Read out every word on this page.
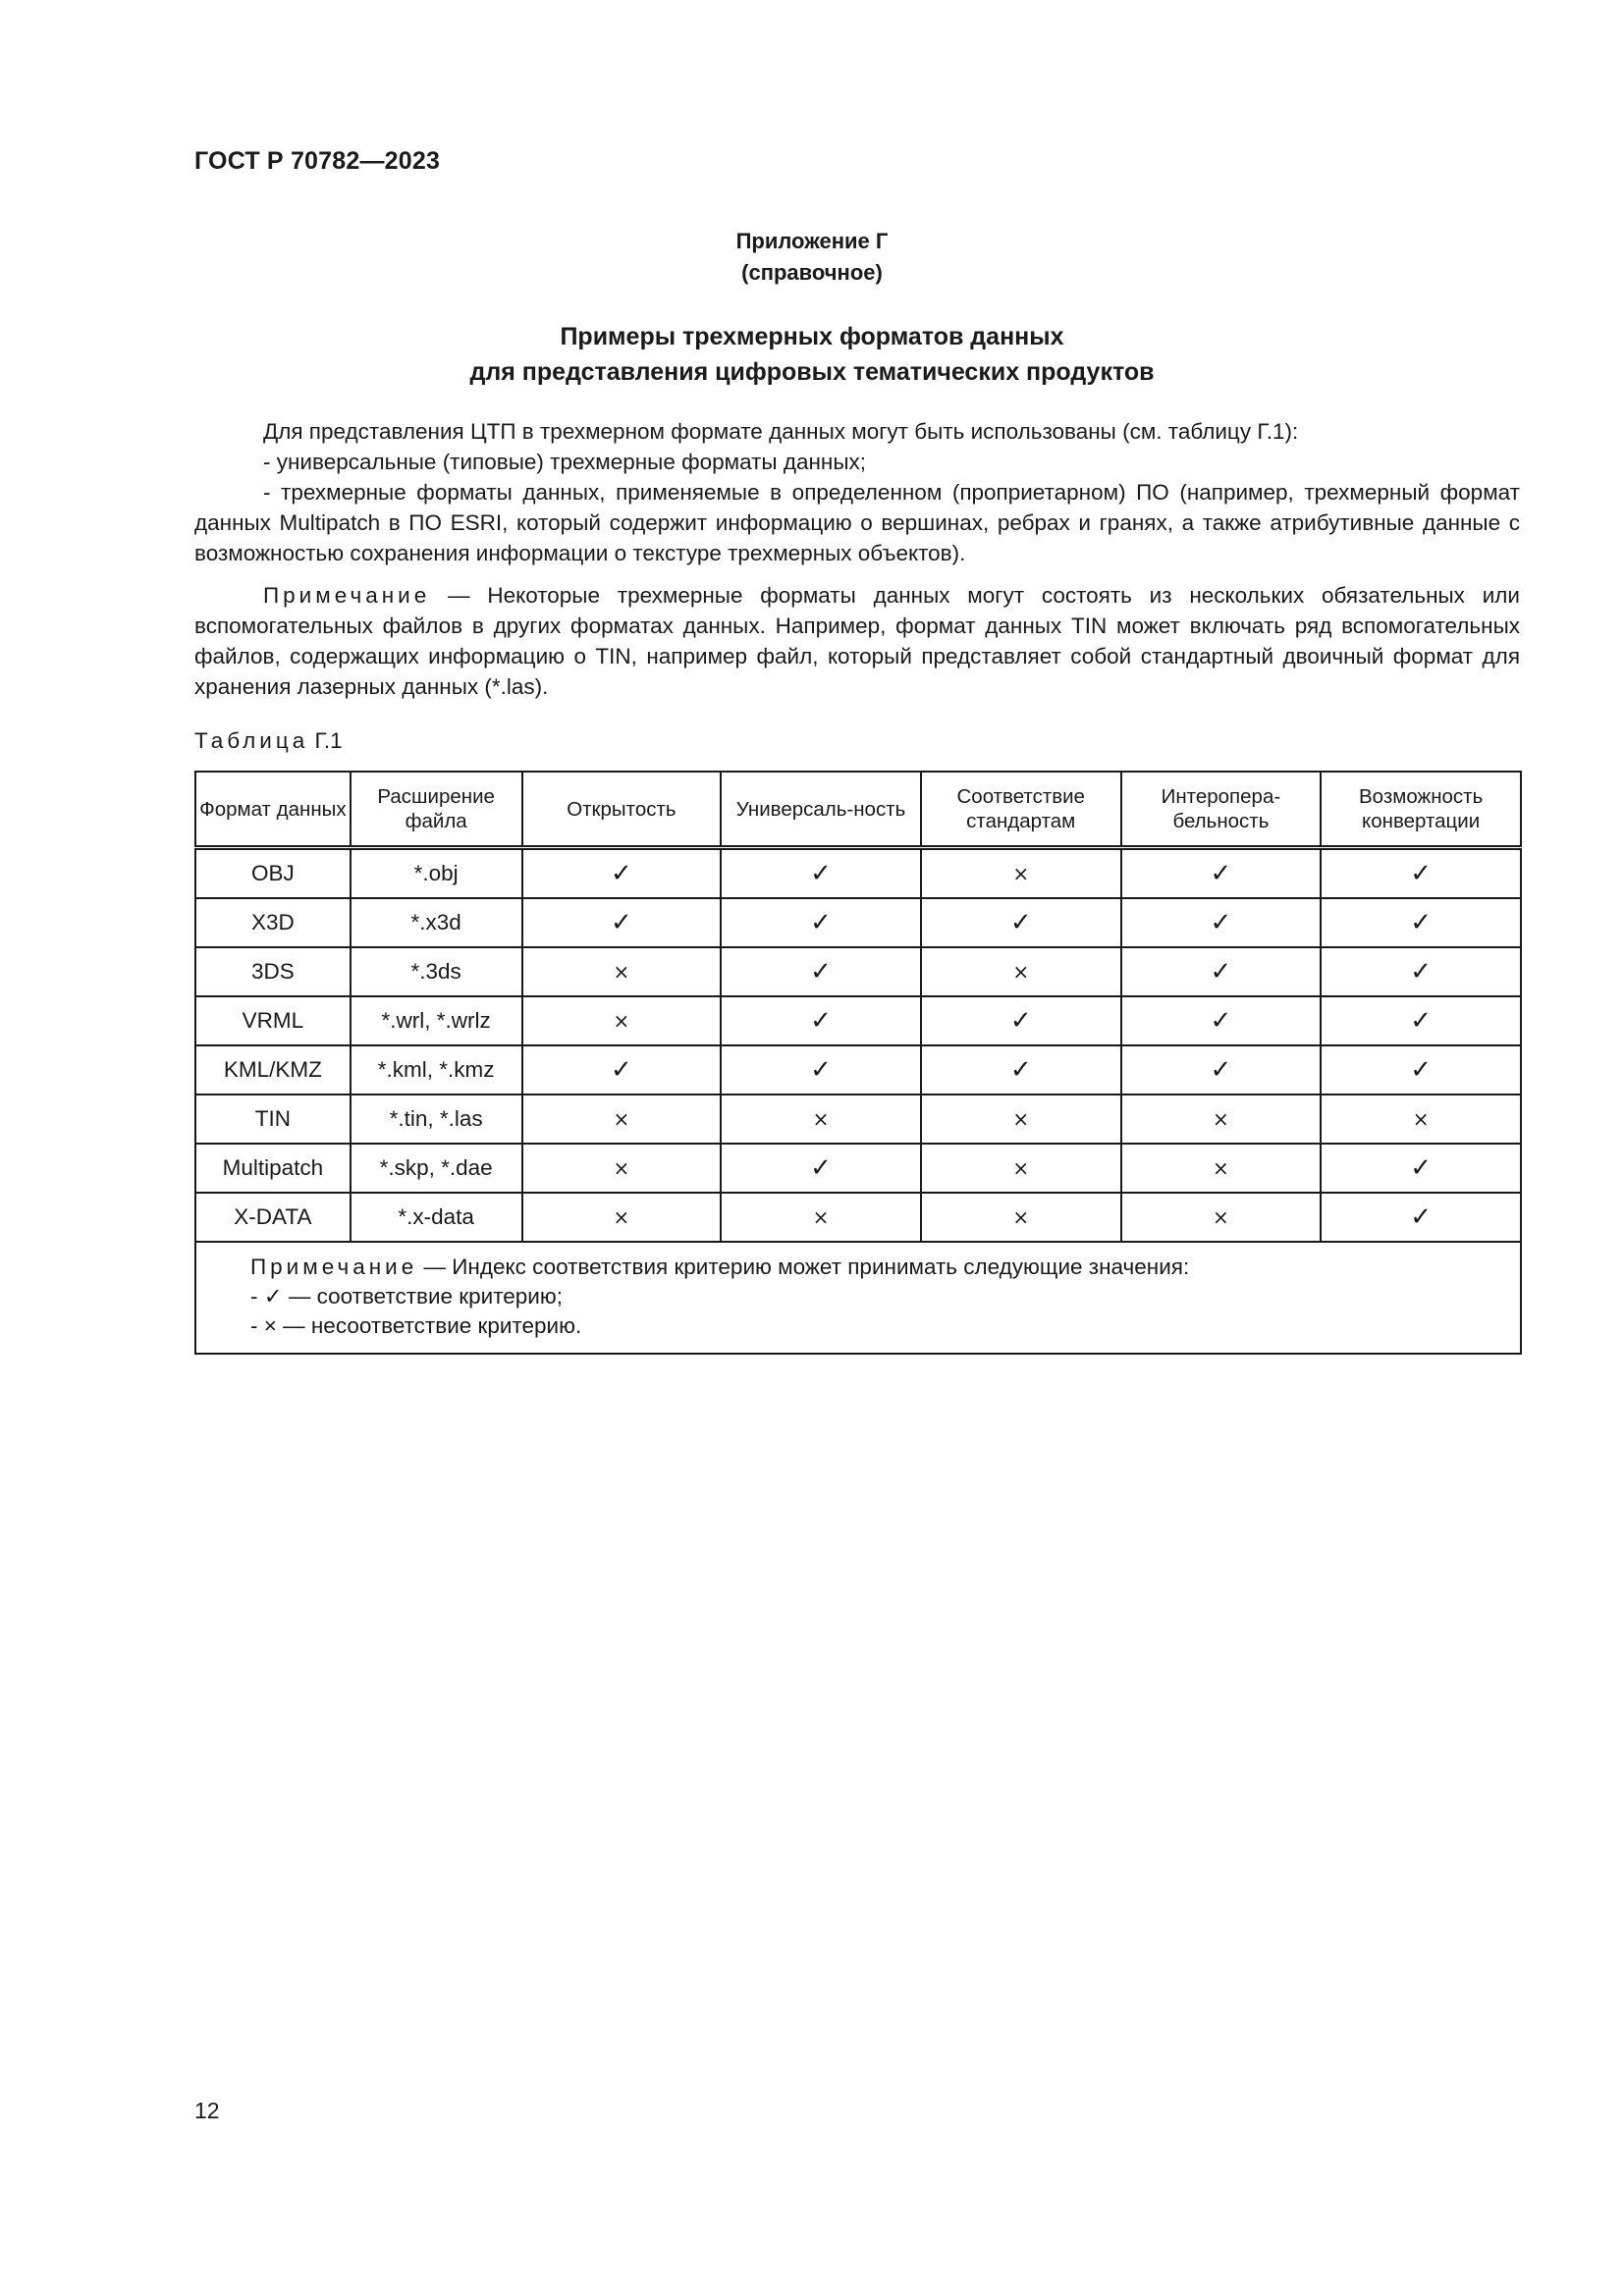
ГОСТ Р 70782—2023
Приложение Г
(справочное)
Примеры трехмерных форматов данных
для представления цифровых тематических продуктов

Для представления ЦТП в трехмерном формате данных могут быть использованы (см. таблицу Г.1):

- универсальные (типовые) трехмерные форматы данных;

- трехмерные форматы данных, применяемые в определенном (проприетарном) ПО (например, трехмерный формат данных Multipatch в ПО ESRI, который содержит информацию о вершинах, ребрах и гранях, а также атрибутивные данные с возможностью сохранения информации о текстуре трехмерных объектов).

Примечание — Некоторые трехмерные форматы данных могут состоять из нескольких обязательных или вспомогательных файлов в других форматах данных. Например, формат данных TIN может включать ряд вспомогательных файлов, содержащих информацию о TIN, например файл, который представляет собой стандартный двоичный формат для хранения лазерных данных (*.las).

Таблица Г.1
Формат данных	Расширение файла	Открытость	Универсаль-ность	Соответствие стандартам	Интеропера-бельность	Возможность конвертации
OBJ	*.obj	✓	✓	×	✓	✓
X3D	*.x3d	✓	✓	✓	✓	✓
3DS	*.3ds	×	✓	×	✓	✓
VRML	*.wrl, *.wrlz	×	✓	✓	✓	✓
KML/KMZ	*.kml, *.kmz	✓	✓	✓	✓	✓
TIN	*.tin, *.las	×	×	×	×	×
Multipatch	*.skp, *.dae	×	✓	×	×	✓
X-DATA	*.x-data	×	×	×	×	✓

Примечание — Индекс соответствия критерию может принимать следующие значения:
- ✓ — соответствие критерию;
- × — несоответствие критерию.						
12
